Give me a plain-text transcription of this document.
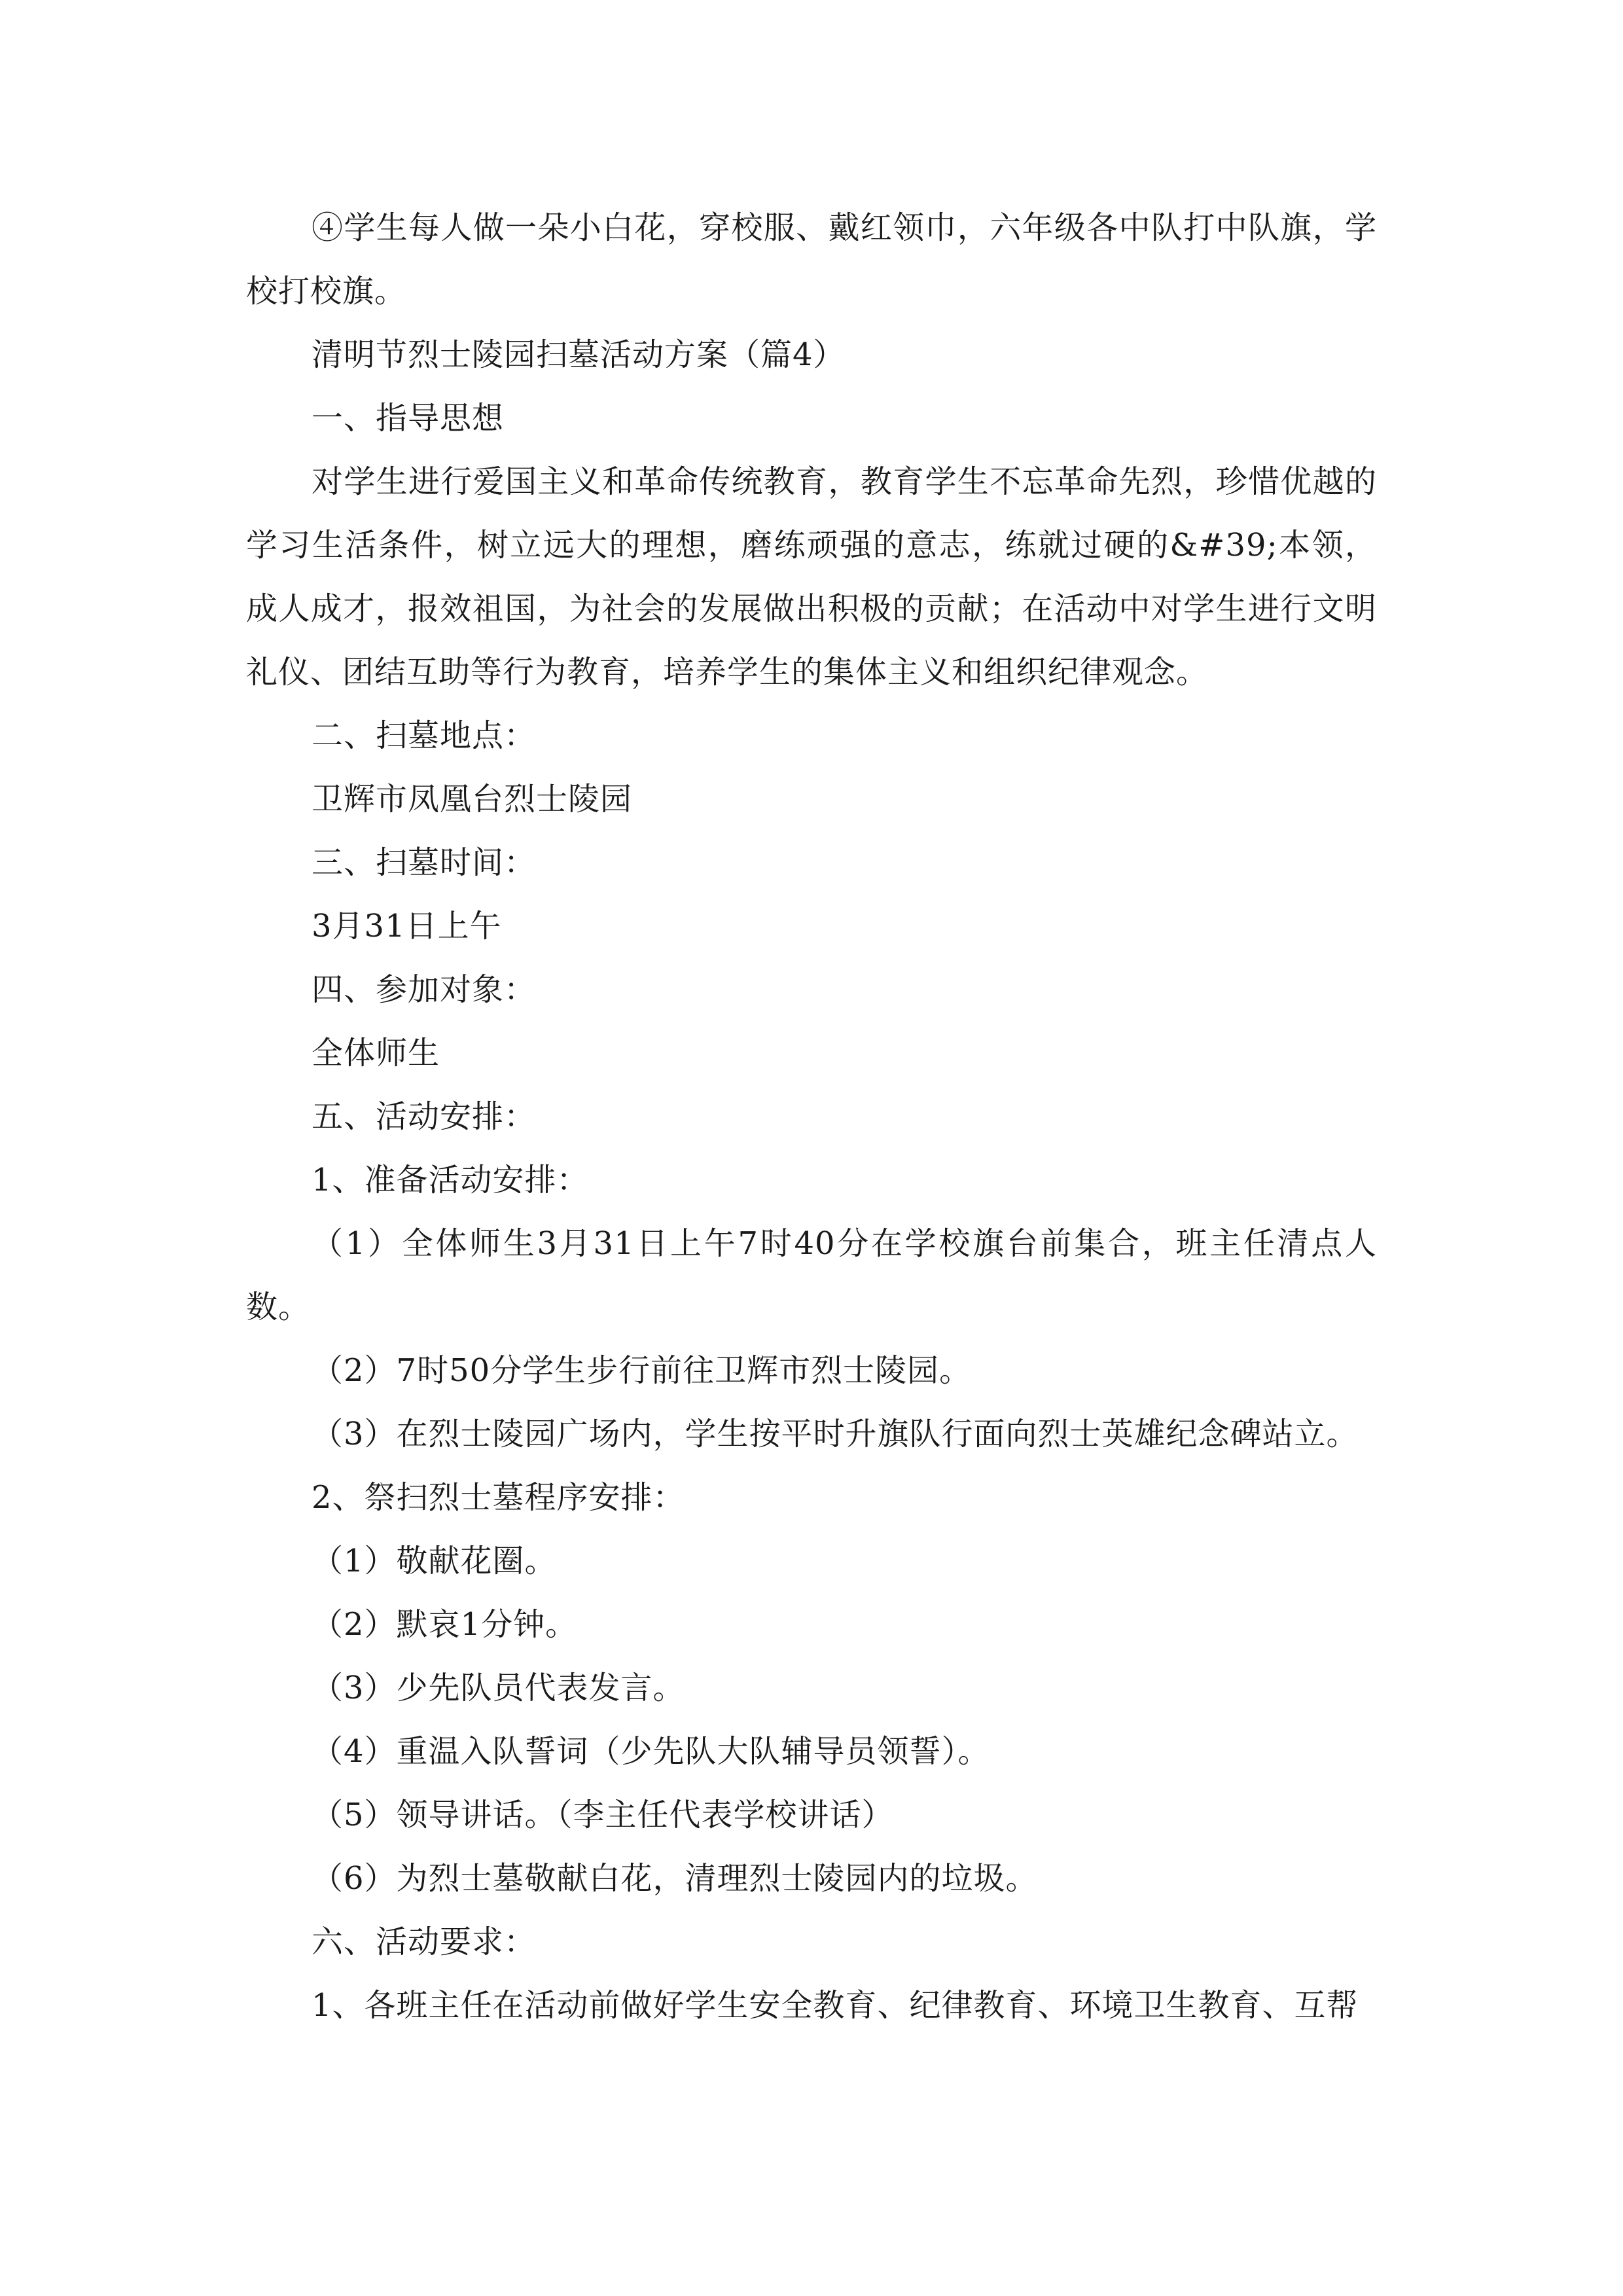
④学生每人做一朵小白花，穿校服、戴红领巾，六年级各中队打中队旗，学校打校旗。

清明节烈士陵园扫墓活动方案（篇4）

一、指导思想

对学生进行爱国主义和革命传统教育，教育学生不忘革命先烈，珍惜优越的学习生活条件，树立远大的理想，磨练顽强的意志，练就过硬的&#39;本领，成人成才，报效祖国，为社会的发展做出积极的贡献；在活动中对学生进行文明礼仪、团结互助等行为教育，培养学生的集体主义和组织纪律观念。

二、扫墓地点：

卫辉市凤凰台烈士陵园

三、扫墓时间：

3月31日上午

四、参加对象：

全体师生

五、活动安排：

1、准备活动安排：

（1）全体师生3月31日上午7时40分在学校旗台前集合，班主任清点人数。

（2）7时50分学生步行前往卫辉市烈士陵园。

（3）在烈士陵园广场内，学生按平时升旗队行面向烈士英雄纪念碑站立。

2、祭扫烈士墓程序安排：

（1）敬献花圈。

（2）默哀1分钟。

（3）少先队员代表发言。

（4）重温入队誓词（少先队大队辅导员领誓）。

（5）领导讲话。（李主任代表学校讲话）

（6）为烈士墓敬献白花，清理烈士陵园内的垃圾。

六、活动要求：

1、各班主任在活动前做好学生安全教育、纪律教育、环境卫生教育、互帮
